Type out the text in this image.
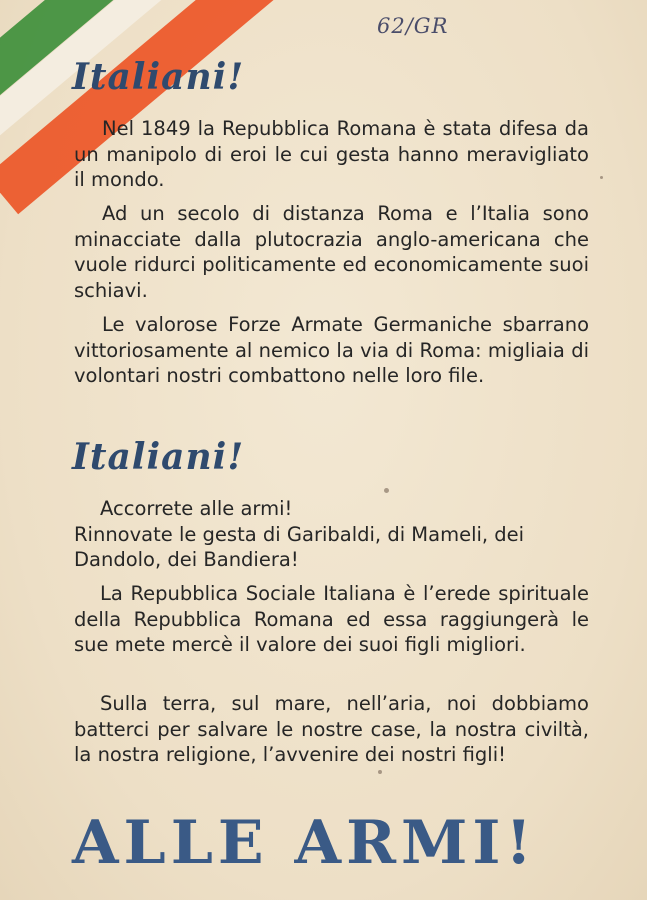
62/GR
Italiani!

Nel 1849 la Repubblica Romana è stata difesa da un manipolo di eroi le cui gesta hanno meravigliato il mondo.

Ad un secolo di distanza Roma e l’Italia sono minacciate dalla plutocrazia anglo-americana che vuole ridurci politicamente ed economicamente suoi schiavi.

Le valorose Forze Armate Germaniche sbarrano vittoriosamente al nemico la via di Roma: migliaia di volontari nostri combattono nelle loro file.

Italiani!

Accorrete alle armi!
Rinnovate le gesta di Garibaldi, di Mameli, dei Dandolo, dei Bandiera!

La Repubblica Sociale Italiana è l’erede spirituale della Repubblica Romana ed essa raggiungerà le sue mete mercè il valore dei suoi figli migliori.

Sulla terra, sul mare, nell’aria, noi dobbiamo batterci per salvare le nostre case, la nostra civiltà, la nostra religione, l’avvenire dei nostri figli!

ALLE ARMI!
